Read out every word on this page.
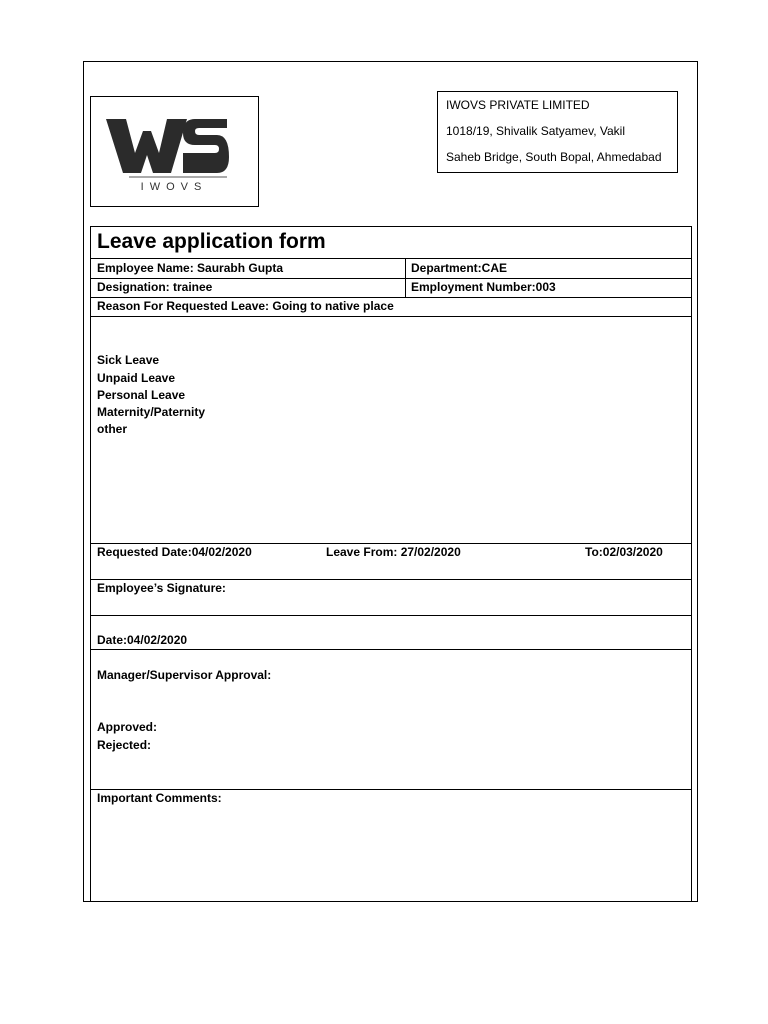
IWOVS
IWOVS PRIVATE LIMITED
1018/19, Shivalik Satyamev, Vakil
Saheb Bridge, South Bopal, Ahmedabad
Leave application form
Employee Name: Saurabh Gupta	Department:CAE
Designation: trainee	Employment Number:003
Reason For Requested Leave: Going to native place
Sick Leave
Unpaid Leave
Personal Leave
Maternity/Paternity
other
Requested Date:04/02/2020	Leave From: 27/02/2020	To:02/03/2020
Employee’s Signature:
Date:04/02/2020
Manager/Supervisor Approval:
Approved:
Rejected:
Important Comments:
